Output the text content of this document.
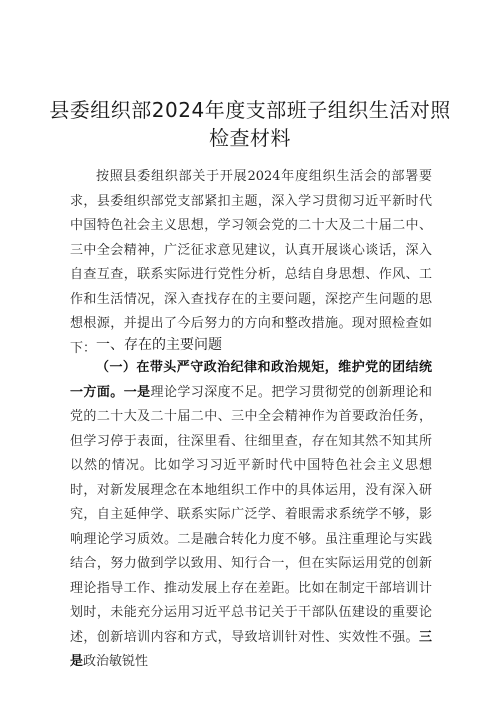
县委组织部2024年度支部班子组织生活对照
检查材料
按照县委组织部关于开展2024年度组织生活会的部署要求，县委组织部党支部紧扣主题，深入学习贯彻习近平新时代中国特色社会主义思想，学习领会党的二十大及二十届二中、三中全会精神，广泛征求意见建议，认真开展谈心谈话，深入自查互查，联系实际进行党性分析，总结自身思想、作风、工作和生活情况，深入查找存在的主要问题，深挖产生问题的思想根源，并提出了今后努力的方向和整改措施。现对照检查如下： 一、存在的主要问题
（一）在带头严守政治纪律和政治规矩，维护党的团结统一方面。一是理论学习深度不足。把学习贯彻党的创新理论和党的二十大及二十届二中、三中全会精神作为首要政治任务，但学习停于表面，往深里看、往细里查，存在知其然不知其所以然的情况。比如学习习近平新时代中国特色社会主义思想时，对新发展理念在本地组织工作中的具体运用，没有深入研究，自主延伸学、联系实际广泛学、着眼需求系统学不够，影响理论学习质效。二是融合转化力度不够。虽注重理论与实践结合，努力做到学以致用、知行合一，但在实际运用党的创新理论指导工作、推动发展上存在差距。比如在制定干部培训计划时，未能充分运用习近平总书记关于干部队伍建设的重要论述，创新培训内容和方式，导致培训针对性、实效性不强。三是政治敏锐性
